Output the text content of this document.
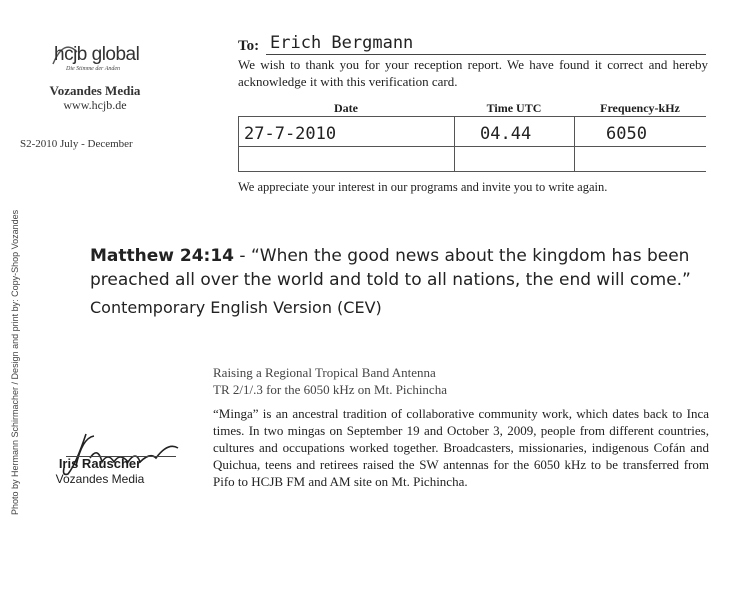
hcjb global
Die Stimme der Anden
Vozandes Media
www.hcjb.de
S2-2010 July - December
Photo by Hermann Schirmacher / Design and print by: Copy-Shop Vozandes
To: Erich Bergmann
We wish to thank you for your reception report. We have found it correct and hereby acknowledge it with this verification card.
Date	Time UTC	Frequency-kHz
27-7-2010	04.44	6050
We appreciate your interest in our programs and invite you to write again.
Matthew 24:14 - “When the good news about the kingdom has been preached all over the world and told to all nations, the end will come.”
Contemporary English Version (CEV)
Raising a Regional Tropical Band Antenna
TR 2/1/.3 for the 6050 kHz on Mt. Pichincha
“Minga” is an ancestral tradition of collaborative community work, which dates back to Inca times. In two mingas on September 19 and October 3, 2009, people from different countries, cultures and occupations worked together. Broadcasters, missionaries, indigenous Cofán and Quichua, teens and retirees raised the SW antennas for the 6050 kHz to be transferred from Pifo to HCJB FM and AM site on Mt. Pichincha.
Iris Rauscher
Vozandes Media
